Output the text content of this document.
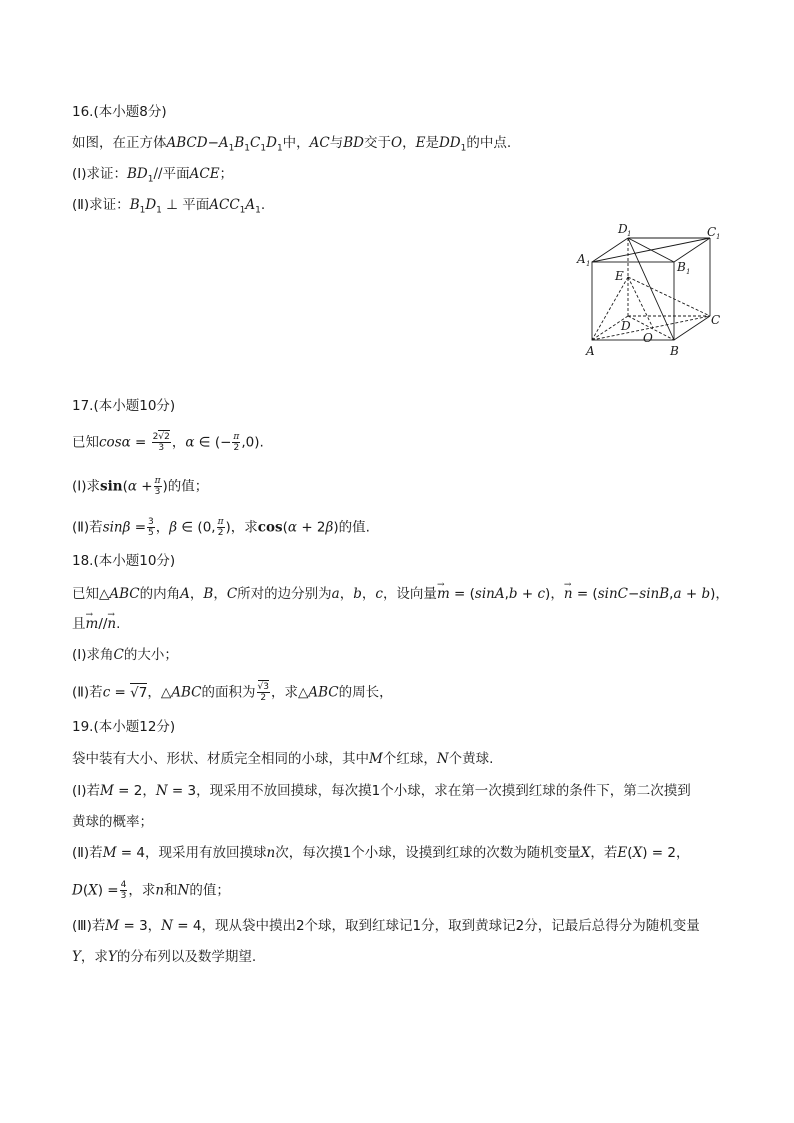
16.(本小题8分)
如图，在正方体$ABCD-A_1B_1C_1D_1$中，AC与BD交于O，E是$DD_1$的中点.
(Ⅰ)求证：$BD_1//$平面ACE；
(Ⅱ)求证：$B_1D_1$ ⊥ 平面$ACC_1A_1$.
D 1	C 1
A 1	B 1
E
D	C
O
A	B
17.(本小题10分)
已知$\cos\alpha = \frac{2√2}{3}$ ，α ∈ (− $\frac{\pi}{2} ,0$).
(Ⅰ)求$\sin(\alpha + \frac{\pi}{3}$ )的值；
(Ⅱ)若$\sin\beta = \frac{3}{5}$ ，β ∈ (0, $\frac{\pi}{2}$ )，求cos(α + 2β)的值.
18.(本小题10分)
已知△ABC的内角A，B，C所对的边分别为a，b，c，设向量→ m = (sinA,b + c)，→ n = (sinC−sinB,a + b)，
且→ m//→ n.
(Ⅰ)求角C的大小；
(Ⅱ)若c = √7，△ABC的面积为 $\frac{√3}{2}$ ，求△ABC的周长，
19.(本小题12分)
袋中装有大小、形状、材质完全相同的小球，其中M个红球，N个黄球.
(Ⅰ)若M = 2，N = 3，现采用不放回摸球，每次摸1个小球，求在第一次摸到红球的条件下，第二次摸到
黄球的概率；
(Ⅱ)若M = 4，现采用有放回摸球n次，每次摸1个小球，设摸到红球的次数为随机变量X，若E(X) = 2，
$D(X) = \frac{4}{3}$ ，求n和N的值；
(Ⅲ)若M = 3，N = 4，现从袋中摸出2个球，取到红球记1分，取到黄球记2分，记最后总得分为随机变量
Y，求Y的分布列以及数学期望.
